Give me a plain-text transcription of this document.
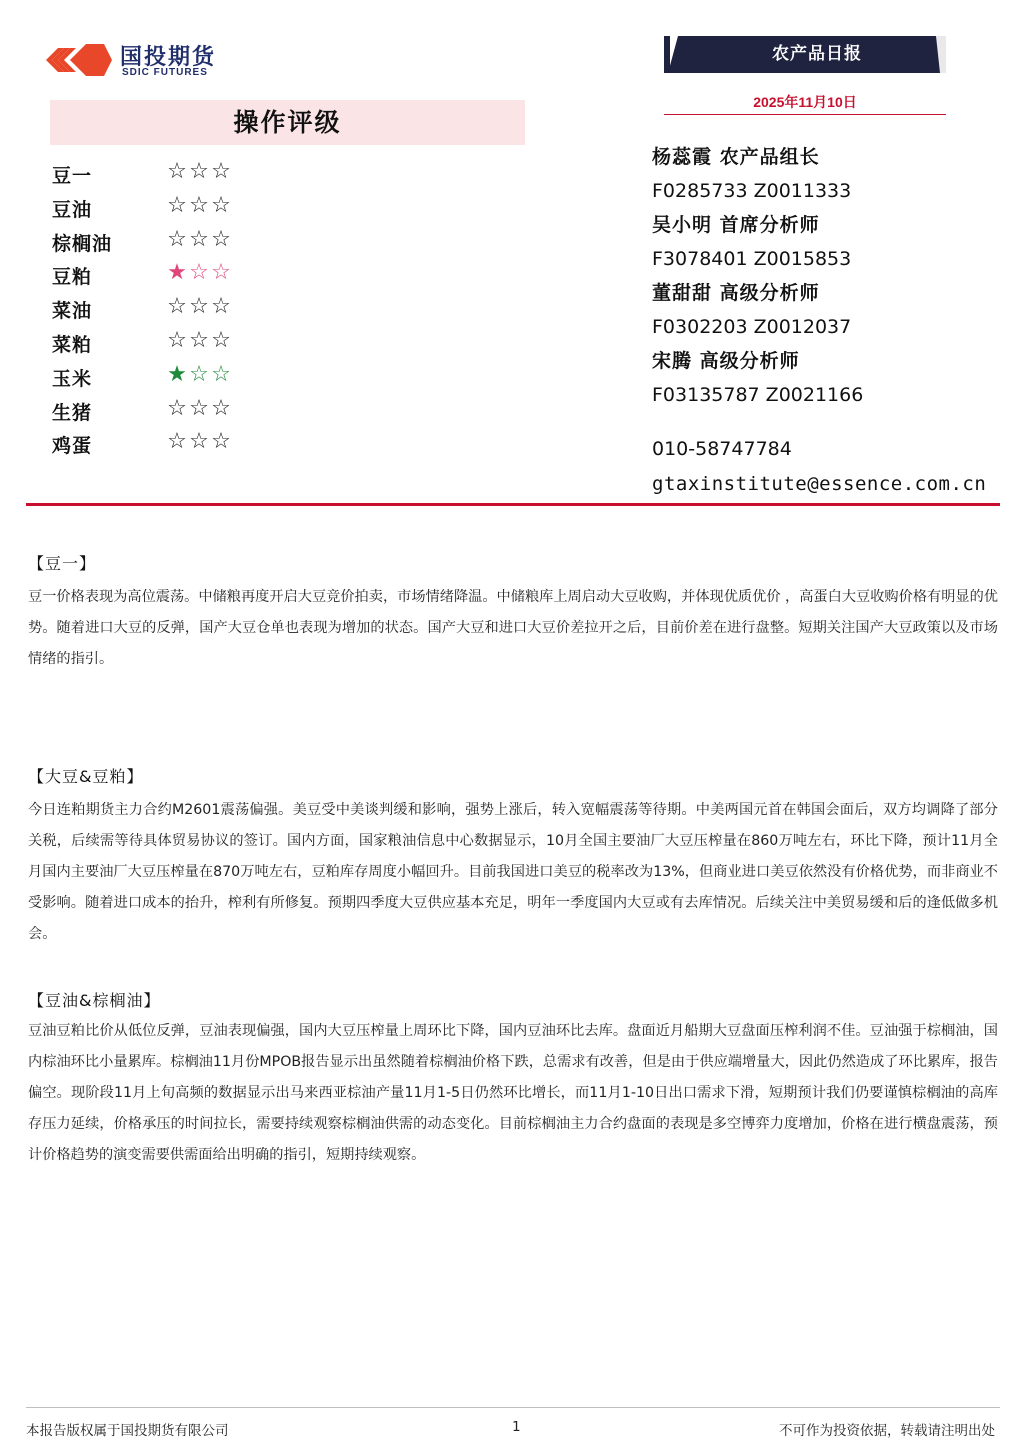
国投期货
SDIC FUTURES
农产品日报
2025年11月10日
操作评级
豆一	☆ ☆ ☆
豆油	☆ ☆ ☆
棕榈油	☆ ☆ ☆
豆粕	★ ☆ ☆
菜油	☆ ☆ ☆
菜粕	☆ ☆ ☆
玉米	★ ☆ ☆
生猪	☆ ☆ ☆
鸡蛋	☆ ☆ ☆
杨蕊霞 农产品组长
F0285733 Z0011333
吴小明 首席分析师
F3078401 Z0015853
董甜甜 高级分析师
F0302203 Z0012037
宋腾 高级分析师
F03135787 Z0021166
010-58747784
gtaxinstitute@essence.com.cn
【豆一】
豆一价格表现为高位震荡。中储粮再度开启大豆竞价拍卖，市场情绪降温。中储粮库上周启动大豆收购，并体现优质优价 ，高蛋白大豆收购价格有明显的优势。随着进口大豆的反弹，国产大豆仓单也表现为增加的状态。国产大豆和进口大豆价差拉开之后，目前价差在进行盘整。短期关注国产大豆政策以及市场情绪的指引。
【大豆&豆粕】
今日连粕期货主力合约M2601震荡偏强。美豆受中美谈判缓和影响，强势上涨后，转入宽幅震荡等待期。中美两国元首在韩国会面后，双方均调降了部分关税，后续需等待具体贸易协议的签订。国内方面，国家粮油信息中心数据显示，10月全国主要油厂大豆压榨量在860万吨左右，环比下降，预计11月全月国内主要油厂大豆压榨量在870万吨左右，豆粕库存周度小幅回升。目前我国进口美豆的税率改为13%，但商业进口美豆依然没有价格优势，而非商业不受影响。随着进口成本的抬升，榨利有所修复。预期四季度大豆供应基本充足，明年一季度国内大豆或有去库情况。后续关注中美贸易缓和后的逢低做多机会。
【豆油&棕榈油】
豆油豆粕比价从低位反弹，豆油表现偏强，国内大豆压榨量上周环比下降，国内豆油环比去库。盘面近月船期大豆盘面压榨利润不佳。豆油强于棕榈油，国内棕油环比小量累库。棕榈油11月份MPOB报告显示出虽然随着棕榈油价格下跌，总需求有改善，但是由于供应端增量大，因此仍然造成了环比累库，报告偏空。现阶段11月上旬高频的数据显示出马来西亚棕油产量11月1-5日仍然环比增长，而11月1-10日出口需求下滑，短期预计我们仍要谨慎棕榈油的高库存压力延续，价格承压的时间拉长，需要持续观察棕榈油供需的动态变化。目前棕榈油主力合约盘面的表现是多空博弈力度增加，价格在进行横盘震荡，预计价格趋势的演变需要供需面给出明确的指引，短期持续观察。
本报告版权属于国投期货有限公司	1	不可作为投资依据，转载请注明出处
